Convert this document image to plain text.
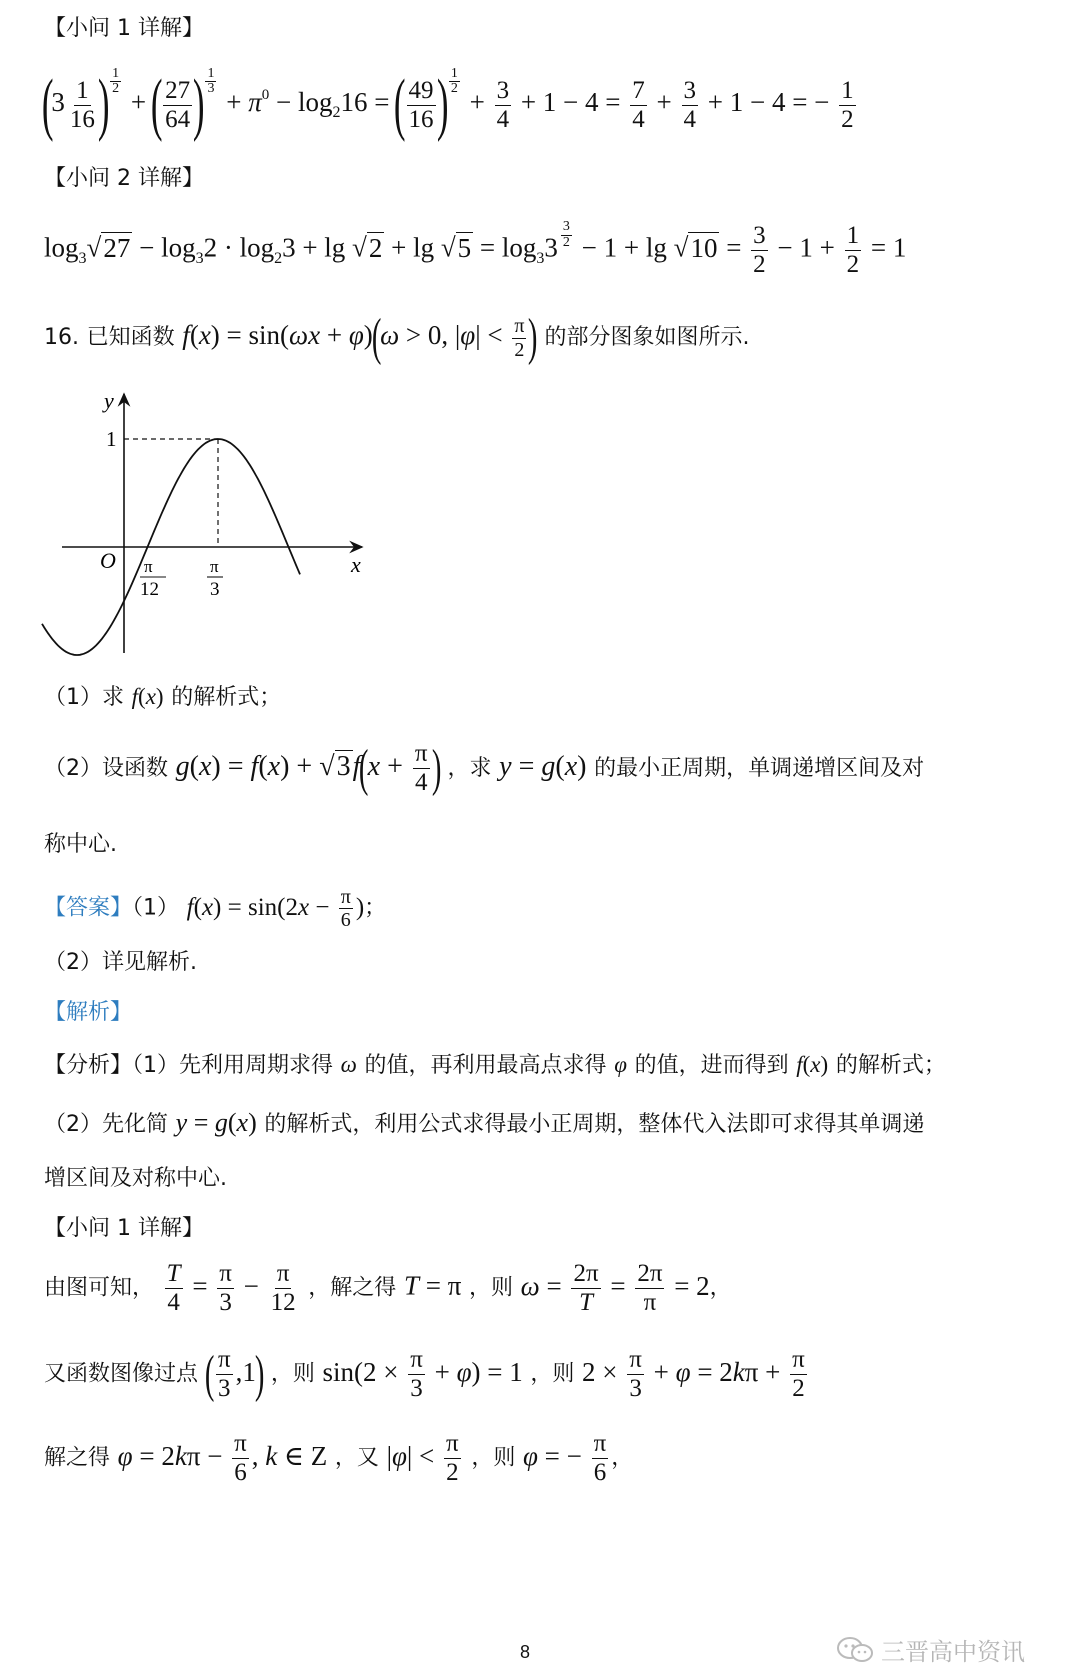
【小问 1 详解】
($3 \frac{1}{16}$ ) $^{\frac{1}{2}}$
+ ( $\frac{27}{64}$ ) $^{\frac{1}{3}}$
+ $\pi^0 - \log_216$ = ( $\frac{49}{16}$ ) $^{\frac{1}{2}}$
+ $\frac{3}{4} + 1 - 4 = \frac{7}{4} + \frac{3}{4} + 1 - 4$ = − $\frac{1}{2}$
【小问 2 详解】
$\log_3√27 - \log_32 \cdot \log_23 + \lg √2 + \lg √5 = \log_33$ $^{\frac{3}{2}} - 1 + \lg √10 = \frac{3}{2} - 1 + \frac{1}{2} = 1$
16. 已知函数 f(x) = sin(ωx + φ)(ω > 0, $|\varphi| < \frac{\pi}{2}$ ) 的部分图象如图所示.
y
x
O
1
π
12
π
3
（1）求 f(x) 的解析式；
（2）设函数 $g(x) = f(x) + √3f(x + \frac{\pi}{4}$ ) ，求 y = g(x) 的最小正周期，单调递增区间及对
称中心.
【答案】（1） $f(x) = \sin(2x - \frac{\pi}{6}$ )；
（2）详见解析.
【解析】
【分析】（1）先利用周期求得 ω 的值，再利用最高点求得 φ 的值，进而得到 f(x) 的解析式；
（2）先化简 y = g(x) 的解析式，利用公式求得最小正周期，整体代入法即可求得其单调递
增区间及对称中心.
【小问 1 详解】
由图可知， $\frac{T}{4} = \frac{\pi}{3} - \frac{\pi}{12}$ ，解之得 T = π ，则 $\omega = \frac{2\pi}{T} = \frac{2\pi}{\pi} = 2$，
又函数图像过点 ( $\frac{\pi}{3} ,1$) ，则 $\sin(2 \times \frac{\pi}{3} + \varphi) = 1$ ，则 $2 \times \frac{\pi}{3} + \varphi = 2k\pi + \frac{\pi}{2}$
解之得 $\varphi = 2k\pi - \frac{\pi}{6}$ , k ∈ Z ，又 $|\varphi| < \frac{\pi}{2}$ ，则 φ = − $\frac{\pi}{6}$ ，
8	三晋高中资讯
